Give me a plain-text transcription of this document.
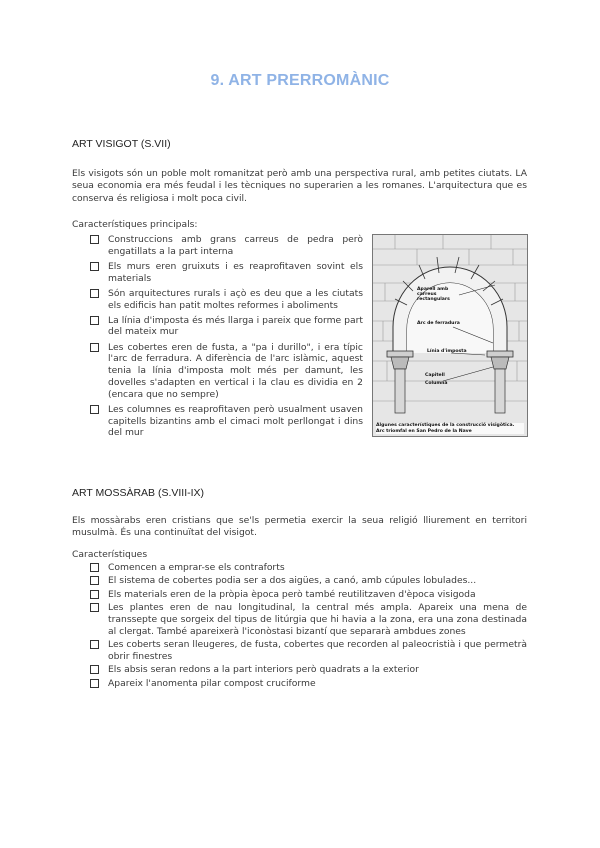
9. ART PRERROMÀNIC
ART VISIGOT (S.VII)

Els visigots són un poble molt romanitzat però amb una perspectiva rural, amb petites ciutats. LA seua economia era més feudal i les tècniques no superarien a les romanes. L'arquitectura que es conserva és religiosa i molt poca civil.

Característiques principals:
Construccions amb grans carreus de pedra però engatillats a la part interna
Els murs eren gruixuts i es reaprofitaven sovint els materials
Són arquitectures rurals i açò es deu que a les ciutats els edificis han patit moltes reformes i aboliments
La línia d'imposta és més llarga i pareix que forme part del mateix mur
Les cobertes eren de fusta, a "pa i durillo", i era típic l'arc de ferradura. A diferència de l'arc islàmic, aquest tenia la línia d'imposta molt més per damunt, les dovelles s'adapten en vertical i la clau es dividia en 2 (encara que no sempre)
Les columnes es reaprofitaven però usualment usaven capitells bizantins amb el cimaci molt perllongat i dins del mur
Aparell amb carreus rectangulars
Arc de ferradura
Línia d'imposta
Capitell
Columna
Algunes característiques de la construcció visigòtica. Arc triomfal en San Pedro de la Nave
ART MOSSÀRAB (S.VIII-IX)

Els mossàrabs eren cristians que se'ls permetia exercir la seua religió lliurement en territori musulmà. És una continuïtat del visigot.

Característiques
Comencen a emprar-se els contraforts
El sistema de cobertes podia ser a dos aigües, a canó, amb cúpules lobulades...
Els materials eren de la pròpia època però també reutilitzaven d'època visigoda
Les plantes eren de nau longitudinal, la central més ampla. Apareix una mena de transsepte que sorgeix del tipus de litúrgia que hi havia a la zona, era una zona destinada al clergat. També apareixerà l'iconòstasi bizantí que separarà ambdues zones
Les coberts seran lleugeres, de fusta, cobertes que recorden al paleocristià i que permetrà obrir finestres
Els absis seran redons a la part interiors però quadrats a la exterior
Apareix l'anomenta pilar compost cruciforme
